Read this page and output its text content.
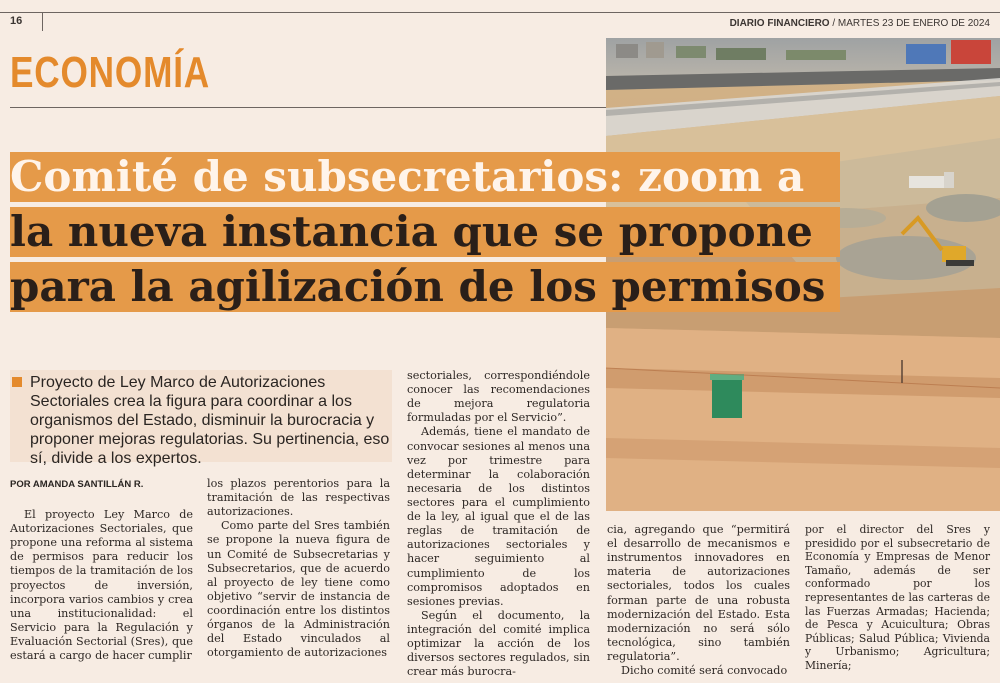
16	DIARIO FINANCIERO / MARTES 23 DE ENERO DE 2024
ECONOMÍA
Comité de subsecretarios: zoom a
la nueva instancia que se propone
para la agilización de los permisos
Proyecto de Ley Marco de Autorizaciones Sectoriales crea la figura para coordinar a los organismos del Estado, disminuir la burocracia y proponer mejoras regulatorias. Su pertinencia, eso sí, divide a los expertos.
POR AMANDA SANTILLÁN R.

El proyecto Ley Marco de Autorizaciones Sectoriales, que propone una reforma al sistema de permisos para reducir los tiempos de la tramitación de los proyectos de inversión, incorpora varios cambios y crea una institucionalidad: el Servicio para la Regulación y Evaluación Sectorial (Sres), que estará a cargo de hacer cumplir

los plazos perentorios para la tramitación de las respectivas autorizaciones.

Como parte del Sres también se propone la nueva figura de un Comité de Subsecretarias y Subsecretarios, que de acuerdo al proyecto de ley tiene como objetivo “servir de instancia de coordinación entre los distintos órganos de la Administración del Estado vinculados al otorgamiento de autorizaciones

sectoriales, correspondiéndole conocer las recomendaciones de mejora regulatoria formuladas por el Servicio”.

Además, tiene el mandato de convocar sesiones al menos una vez por trimestre para determinar la colaboración necesaria de los distintos sectores para el cumplimiento de la ley, al igual que el de las reglas de tramitación de autorizaciones sectoriales y hacer seguimiento al cumplimiento de los compromisos adoptados en sesiones previas.

Según el documento, la integración del comité implica optimizar la acción de los diversos sectores regulados, sin crear más burocra-

cia, agregando que “permitirá el desarrollo de mecanismos e instrumentos innovadores en materia de autorizaciones sectoriales, todos los cuales forman parte de una robusta modernización del Estado. Esta modernización no será sólo tecnológica, sino también regulatoria”.

Dicho comité será convocado

por el director del Sres y presidido por el subsecretario de Economía y Empresas de Menor Tamaño, además de ser conformado por los representantes de las carteras de las Fuerzas Armadas; Hacienda; de Pesca y Acuicultura; Obras Públicas; Salud Pública; Vivienda y Urbanismo; Agricultura; Minería;
